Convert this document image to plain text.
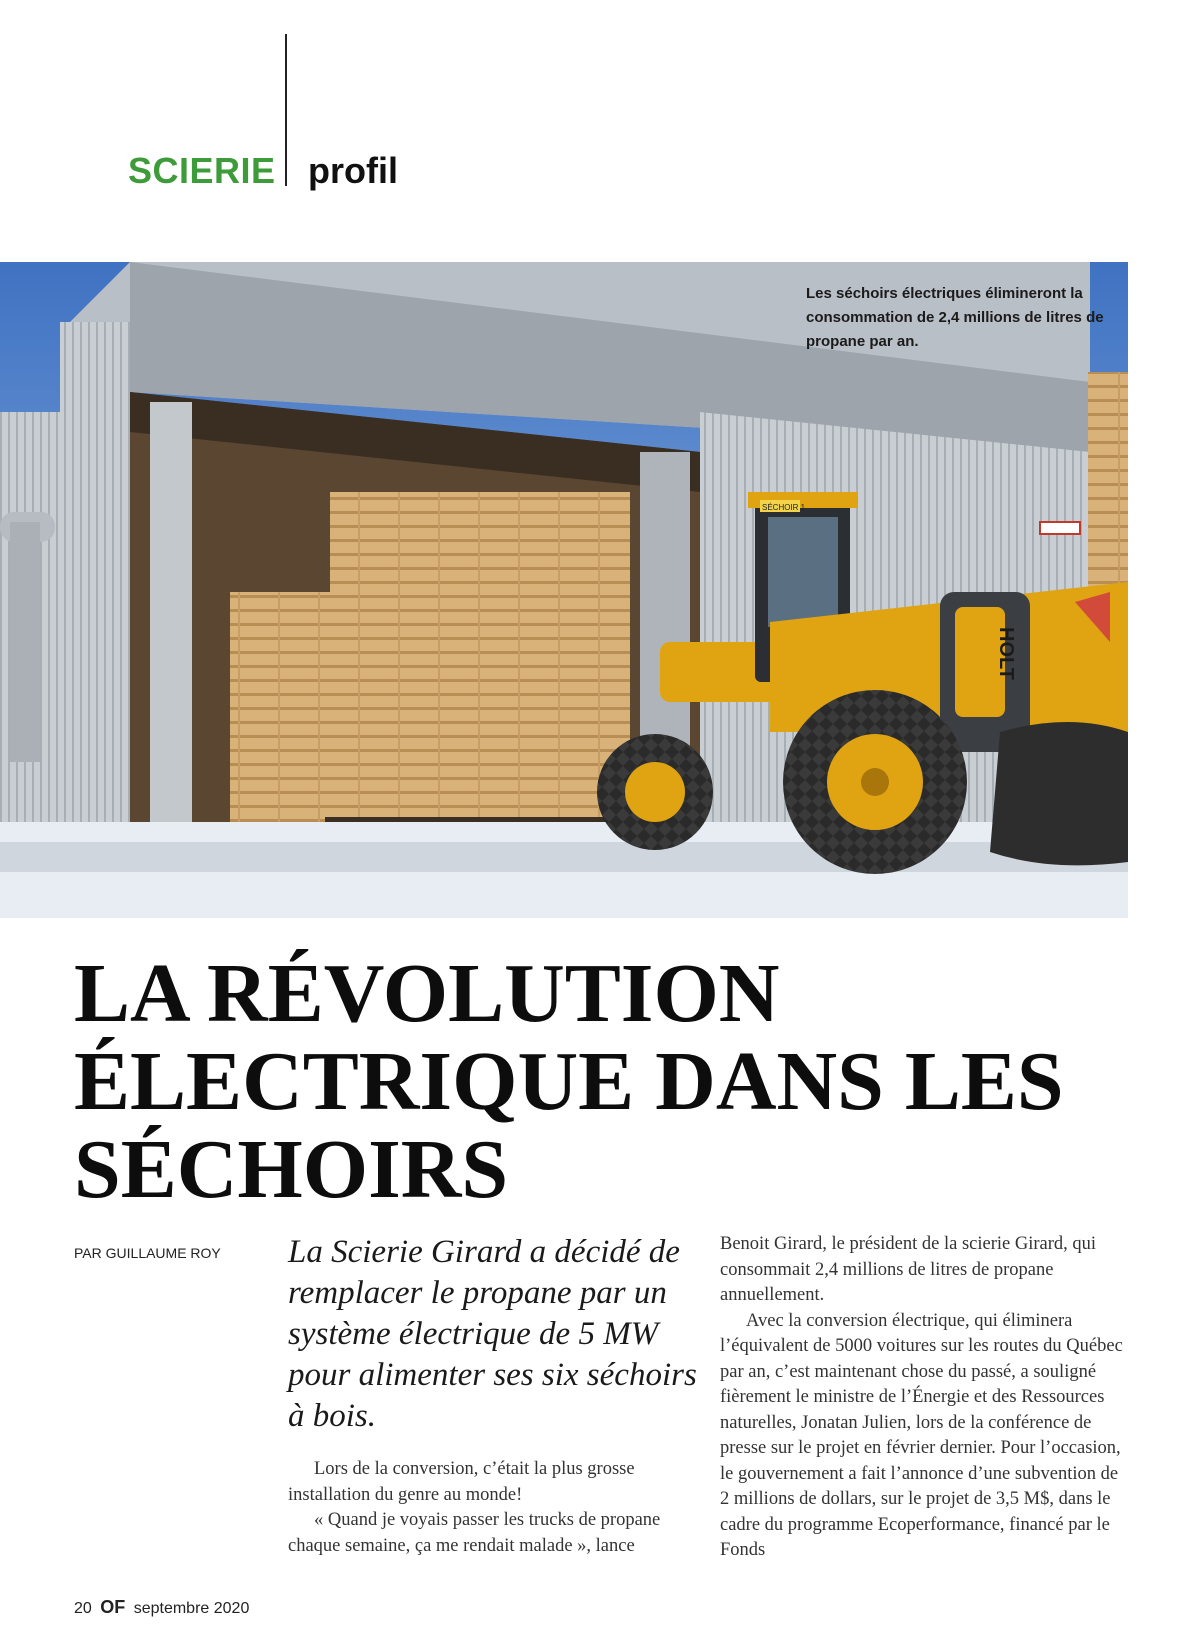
SCIERIE profil
SÉCHOIR 1
HOLT
Les séchoirs électriques élimineront la consommation de 2,4 millions de litres de propane par an.
LA RÉVOLUTION
ÉLECTRIQUE DANS LES
SÉCHOIRS
PAR GUILLAUME ROY La Scierie Girard a décidé de remplacer le propane par un système électrique de 5 MW pour alimenter ses six séchoirs à bois.

Lors de la conversion, c’était la plus grosse installation du genre au monde!

« Quand je voyais passer les trucks de propane chaque semaine, ça me rendait malade », lance

Benoit Girard, le président de la scierie Girard, qui consommait 2,4 millions de litres de propane annuellement.

Avec la conversion électrique, qui éliminera l’équivalent de 5000 voitures sur les routes du Québec par an, c’est maintenant chose du passé, a souligné fièrement le ministre de l’Énergie et des Ressources naturelles, Jonatan Julien, lors de la conférence de presse sur le projet en février dernier. Pour l’occasion, le gouvernement a fait l’annonce d’une subvention de 2 millions de dollars, sur le projet de 3,5 M$, dans le cadre du programme Ecoperformance, financé par le Fonds

20 OF septembre 2020
